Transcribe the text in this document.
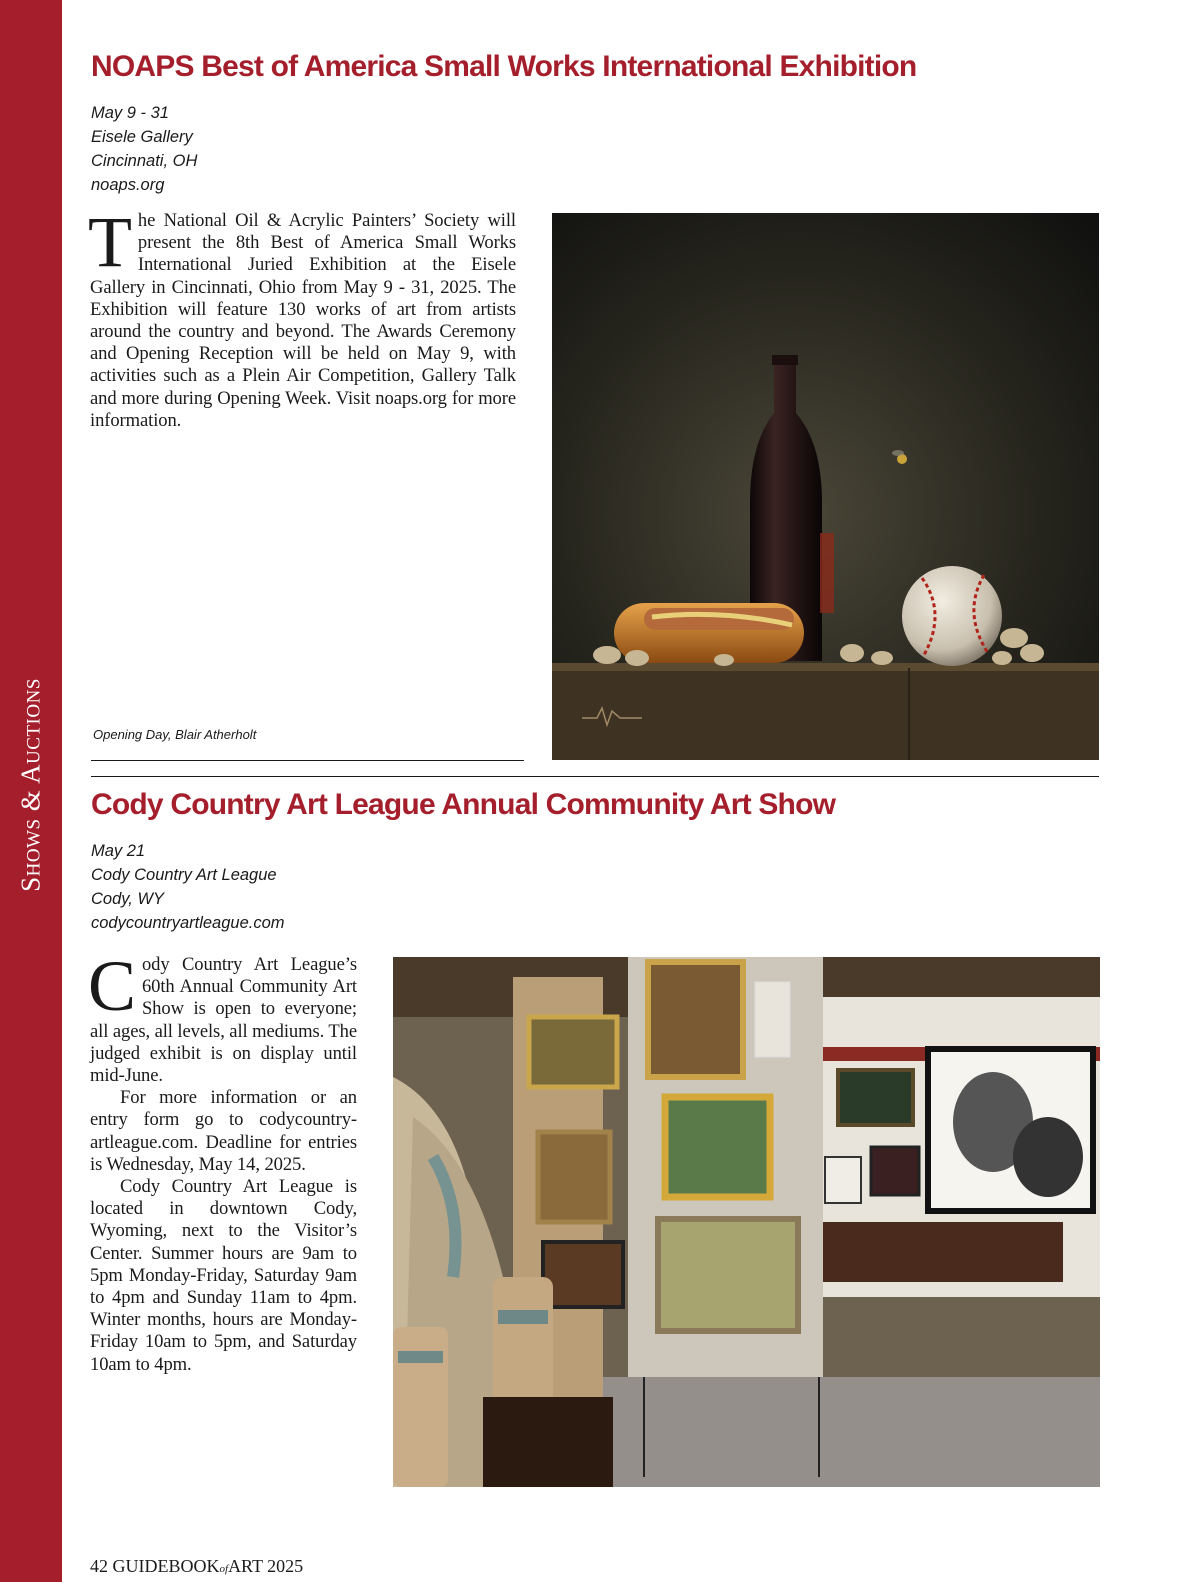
Shows & Auctions
NOAPS Best of America Small Works International Exhibition
May 9 - 31
Eisele Gallery
Cincinnati, OH
noaps.org

The National Oil & Acrylic Painters’ Society will present the 8th Best of America Small Works International Juried Exhibition at the Eisele Gallery in Cincinnati, Ohio from May 9 - 31, 2025. The Exhibition will feature 130 works of art from artists around the country and beyond. The Awards Ceremony and Opening Reception will be held on May 9, with activities such as a Plein Air Competition, Gallery Talk and more during Opening Week. Visit noaps.org for more information.

Opening Day, Blair Atherholt
Cody Country Art League Annual Community Art Show
May 21
Cody Country Art League
Cody, WY
codycountryartleague.com

Cody Country Art League’s 60th Annual Community Art Show is open to everyone; all ages, all levels, all mediums. The judged exhibit is on display until mid-June.

For more information or an entry form go to codycountry-artleague.com. Deadline for entries is Wednesday, May 14, 2025.

Cody Country Art League is located in downtown Cody, Wyoming, next to the Visitor’s Center. Summer hours are 9am to 5pm Monday-Friday, Saturday 9am to 4pm and Sunday 11am to 4pm. Winter months, hours are Monday-Friday 10am to 5pm, and Saturday 10am to 4pm.

42 GUIDEBOOKofART 2025
